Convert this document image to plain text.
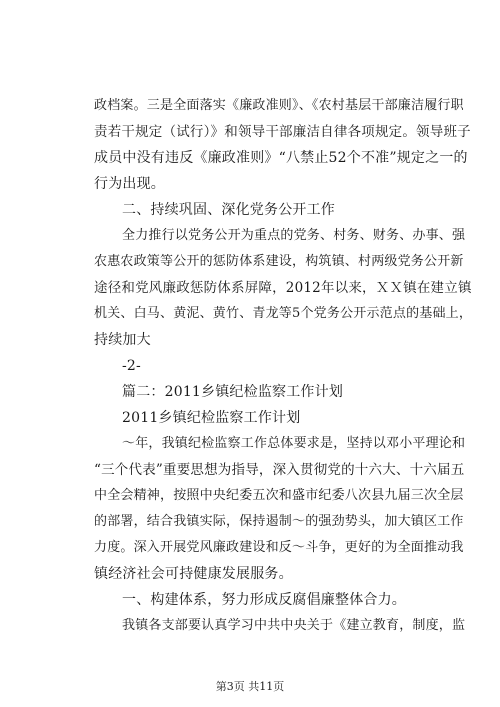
政档案。三是全面落实《廉政准则》、《农村基层干部廉洁履行职
责若干规定（试行）》和领导干部廉洁自律各项规定。领导班子
成员中没有违反《廉政准则》“八禁止52个不准”规定之一的
行为出现。
二、持续巩固、深化党务公开工作
全力推行以党务公开为重点的党务、村务、财务、办事、强
农惠农政策等公开的惩防体系建设，构筑镇、村两级党务公开新
途径和党风廉政惩防体系屏障，2012年以来，ＸＸ镇在建立镇
机关、白马、黄泥、黄竹、青龙等5个党务公开示范点的基础上，
持续加大
-2-
篇二：2011乡镇纪检监察工作计划
2011乡镇纪检监察工作计划
～年，我镇纪检监察工作总体要求是，坚持以邓小平理论和
“三个代表”重要思想为指导，深入贯彻党的十六大、十六届五
中全会精神，按照中央纪委五次和盛市纪委八次县九届三次全层
的部署，结合我镇实际，保持遏制～的强劲势头，加大镇区工作
力度。深入开展党风廉政建设和反～斗争，更好的为全面推动我
镇经济社会可持健康发展服务。
一、构建体系，努力形成反腐倡廉整体合力。
我镇各支部要认真学习中共中央关于《建立教育，制度，监
第3页 共11页
